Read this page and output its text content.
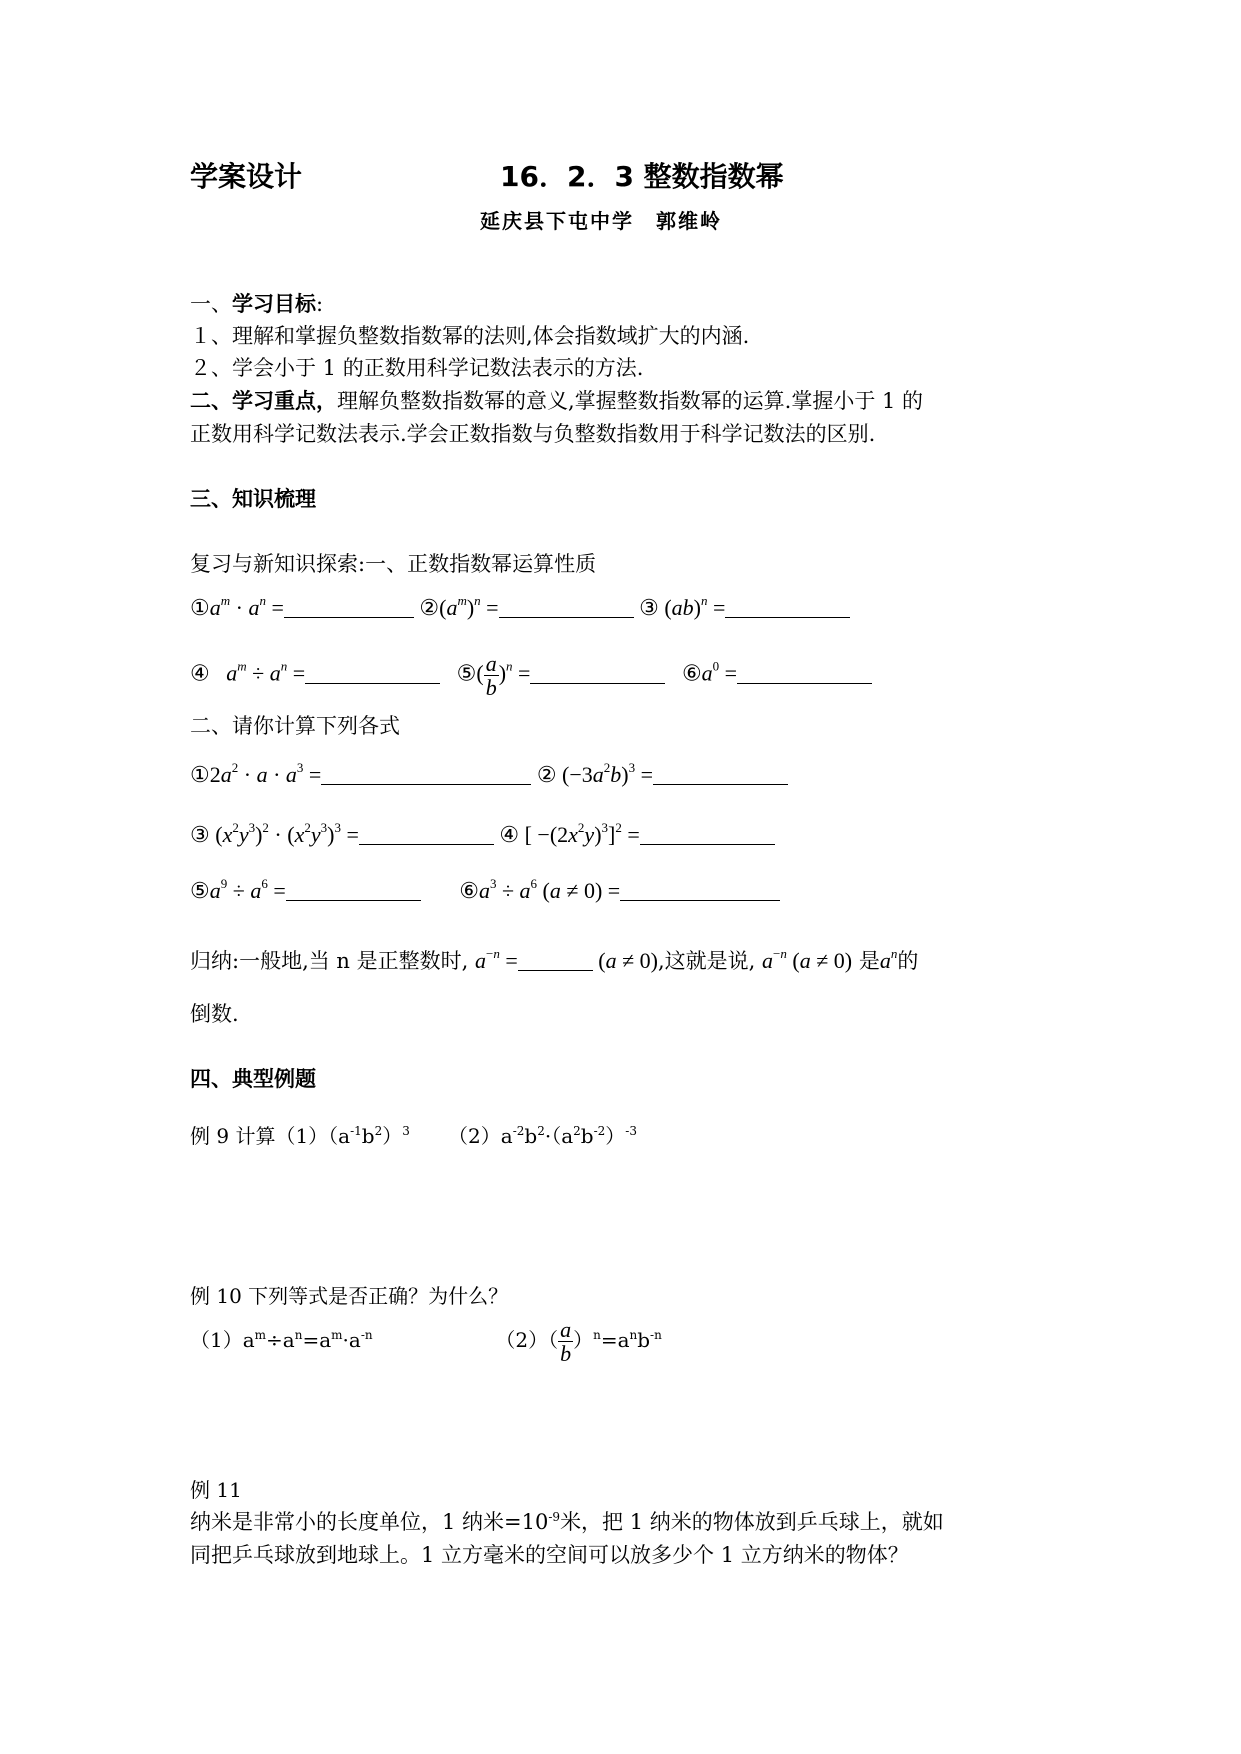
学案设计	16．2．3 整数指数幂
延庆县下屯中学　郭维岭
一、学习目标:
１、理解和掌握负整数指数幂的法则,体会指数域扩大的内涵.
２、学会小于 1 的正数用科学记数法表示的方法.
二、学习重点，理解负整数指数幂的意义,掌握整数指数幂的运算.掌握小于 1 的
正数用科学记数法表示.学会正数指数与负整数指数用于科学记数法的区别.
三、知识梳理
复习与新知识探索:一、正数指数幂运算性质
$①a^m \cdot a^n$ =	$②(a^m)^n$ =	③ (ab)$^n$ =
④ $a^m \div a^n$ =	⑤( $\frac{a}{b} )^n$ =	$⑥a^0$ =
二、请你计算下列各式
$①2a^2 \cdot a \cdot a^3$ =	② $(-3a^2b)^3$ =
③ $(x^2y^3)^2 \cdot (x^2y^3)^3$ =	④ [ $-(2x^2y)^3]^2$ =
$⑤a^9 \div a^6$ =	$⑥a^3 \div a^6$ (a ≠ 0) =
归纳:一般地,当 n 是正整数时, $a^{-n}$ =	(a ≠ 0),这就是说, $a^{-n}$ (a ≠ 0) 是$a^n$的
倒数.
四、典型例题
例 9 计算$(1)(a^{-1}b^2)^3$      $(2)a^{-2}b^2\cdot(a^2b^{-2})^{-3}$
例 10 下列等式是否正确？为什么？
$(1)a^m\div a^n=a^m\cdot a^{-n}$	$(2)( \frac{a}{b} )^n=a^nb^{-n}$
例 11
纳米是非常小的长度单位，1 纳米$=10^{-9}$米，把 1 纳米的物体放到乒乓球上，就如
同把乒乓球放到地球上。1 立方毫米的空间可以放多少个 1 立方纳米的物体？
